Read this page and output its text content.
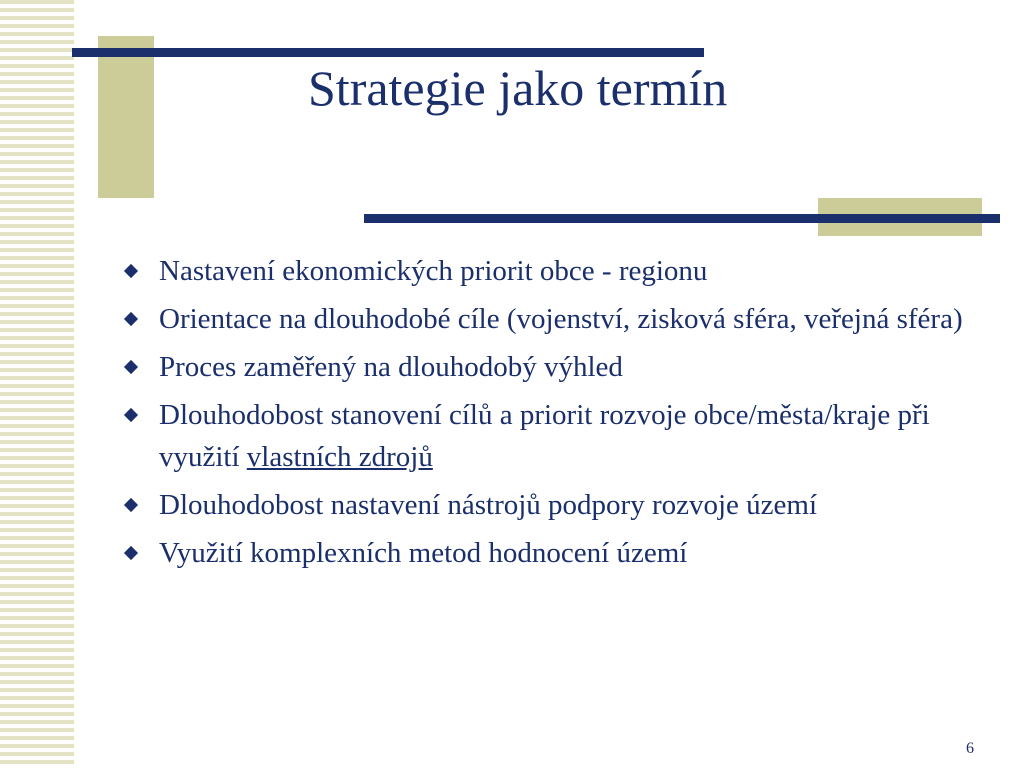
Strategie jako termín
Nastavení ekonomických priorit obce - regionu
Orientace na dlouhodobé cíle (vojenství, zisková sféra, veřejná sféra)
Proces zaměřený na dlouhodobý výhled
Dlouhodobost stanovení cílů a priorit rozvoje obce/města/kraje při využití vlastních zdrojů
Dlouhodobost nastavení nástrojů podpory rozvoje území
Využití komplexních metod hodnocení území
6
